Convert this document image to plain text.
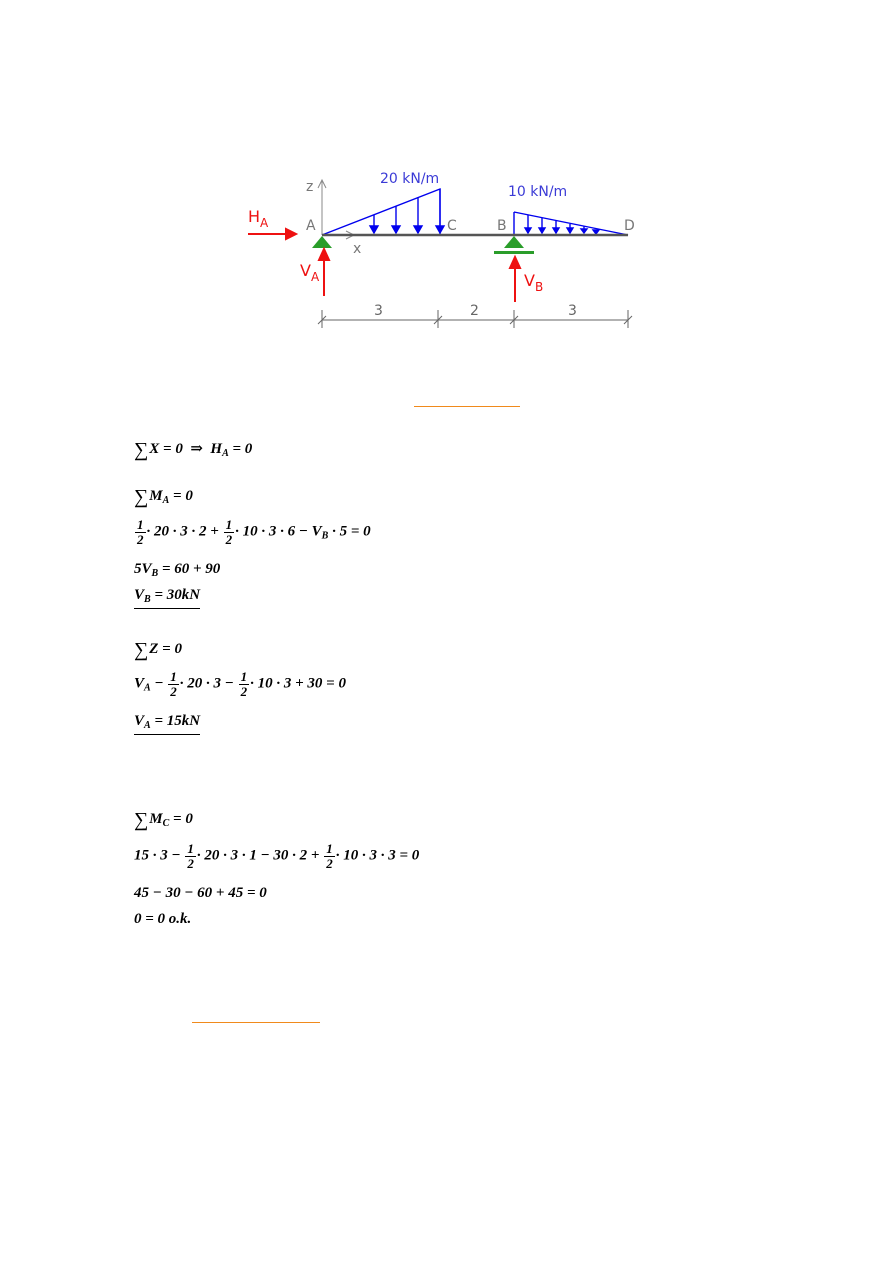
3	2	3
z
x
20 kN/m
10 kN/m
A	C	B	D
$H_A$
$V_A$	$V_B$
∑X = 0 ⇒ $H_A = 0$
$\sum M_A = 0$
$\frac{1}{2} \cdot 20 \cdot 3 \cdot 2 + \frac{1}{2} \cdot 10 \cdot 3 \cdot 6 - V_B \cdot 5 = 0$
$5V_B = 60 + 90$
$V_B = 30kN$
∑Z = 0
$V_A - \frac{1}{2} \cdot 20 \cdot 3 - \frac{1}{2} \cdot 10 \cdot 3 + 30 = 0$
$V_A = 15kN$
$\sum M_C = 0$
$15 \cdot 3 - \frac{1}{2} \cdot 20 \cdot 3 \cdot 1 - 30 \cdot 2 + \frac{1}{2} \cdot 10 \cdot 3 \cdot 3 = 0$
45 − 30 − 60 + 45 = 0
0 = 0 o.k.
